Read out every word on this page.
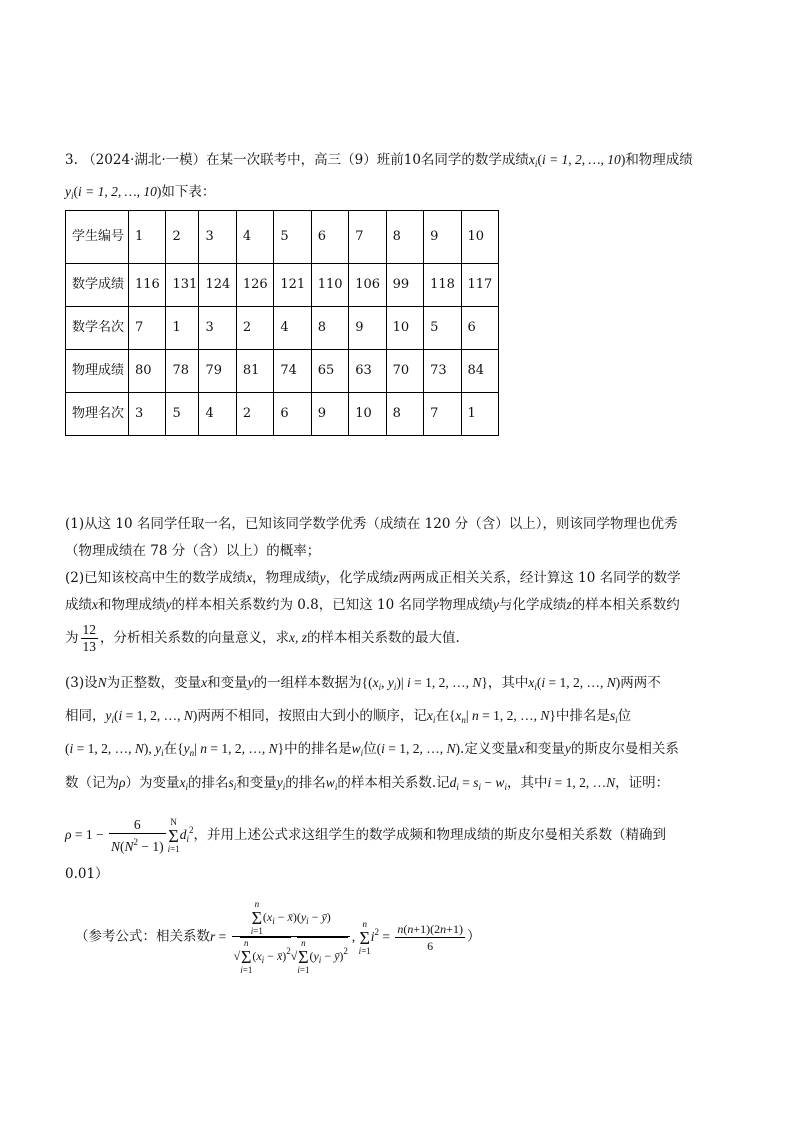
3. （2024·湖北·一模）在某一次联考中，高三（9）班前10名同学的数学成绩$x_i(i = 1$, 2, …, 10)和物理成绩
$y_i(i = 1$, 2, …, 10)如下表：
学生编号	1	2	3	4	5	6	7	8	9	10
数学成绩	116	131	124	126	121	110	106	99	118	117
数学名次	7	1	3	2	4	8	9	10	5	6
物理成绩	80	78	79	81	74	65	63	70	73	84
物理名次	3	5	4	2	6	9	10	8	7	1
(1)从这 10 名同学任取一名，已知该同学数学优秀（成绩在 120 分（含）以上），则该同学物理也优秀
（物理成绩在 78 分（含）以上）的概率；
(2)已知该校高中生的数学成绩x，物理成绩y，化学成绩z两两成正相关关系，经计算这 10 名同学的数学
成绩x和物理成绩y的样本相关系数约为 0.8，已知这 10 名同学物理成绩y与化学成绩z的样本相关系数约
为 $\frac{12}{13}$ ，分析相关系数的向量意义，求x, z的样本相关系数的最大值.
(3)设N为正整数，变量x和变量y的一组样本数据为{($x_i$, $y_i)|$ i = 1, 2, …, N}，其中$x_i(i = 1$, 2, …, N)两两不
相同，$y_i(i = 1$, 2, …, N)两两不相同，按照由大到小的顺序，记$x_i$在{$x_n|$ n = 1, 2, …, N}中排名是$s_i$位
(i = 1, 2, …, N), $y_i$在{$y_n|$ n = 1, 2, …, N}中的排名是$w_i$位(i = 1, 2, …, N).定义变量x和变量y的斯皮尔曼相关系
数（记为ρ）为变量$x_i$的排名$s_i$和变量$y_i$的排名$w_i$的样本相关系数.记$d_i = s_i - w_i$，其中i = 1, 2, …N，证明：
$\rho = 1 - \frac{6}{N(N^2 - 1)}$ N
Σ
$i=1d_i^2$，并用上述公式求这组学生的数学成频和物理成绩的斯皮尔曼相关系数（精确到
0.01）
（参考公式：相关系数r = n
Σ
$i=1(x_i$ − $x̄)(y_i$ − ȳ)
√n
Σ
$i=1(x_i$ − x̄)$^2$√n
Σ
$i=1(y_i$ − ȳ)$^2$ , n
Σ
$i=1i^2 = \frac{n(n+1)(2n+1)}{6}$ ）
